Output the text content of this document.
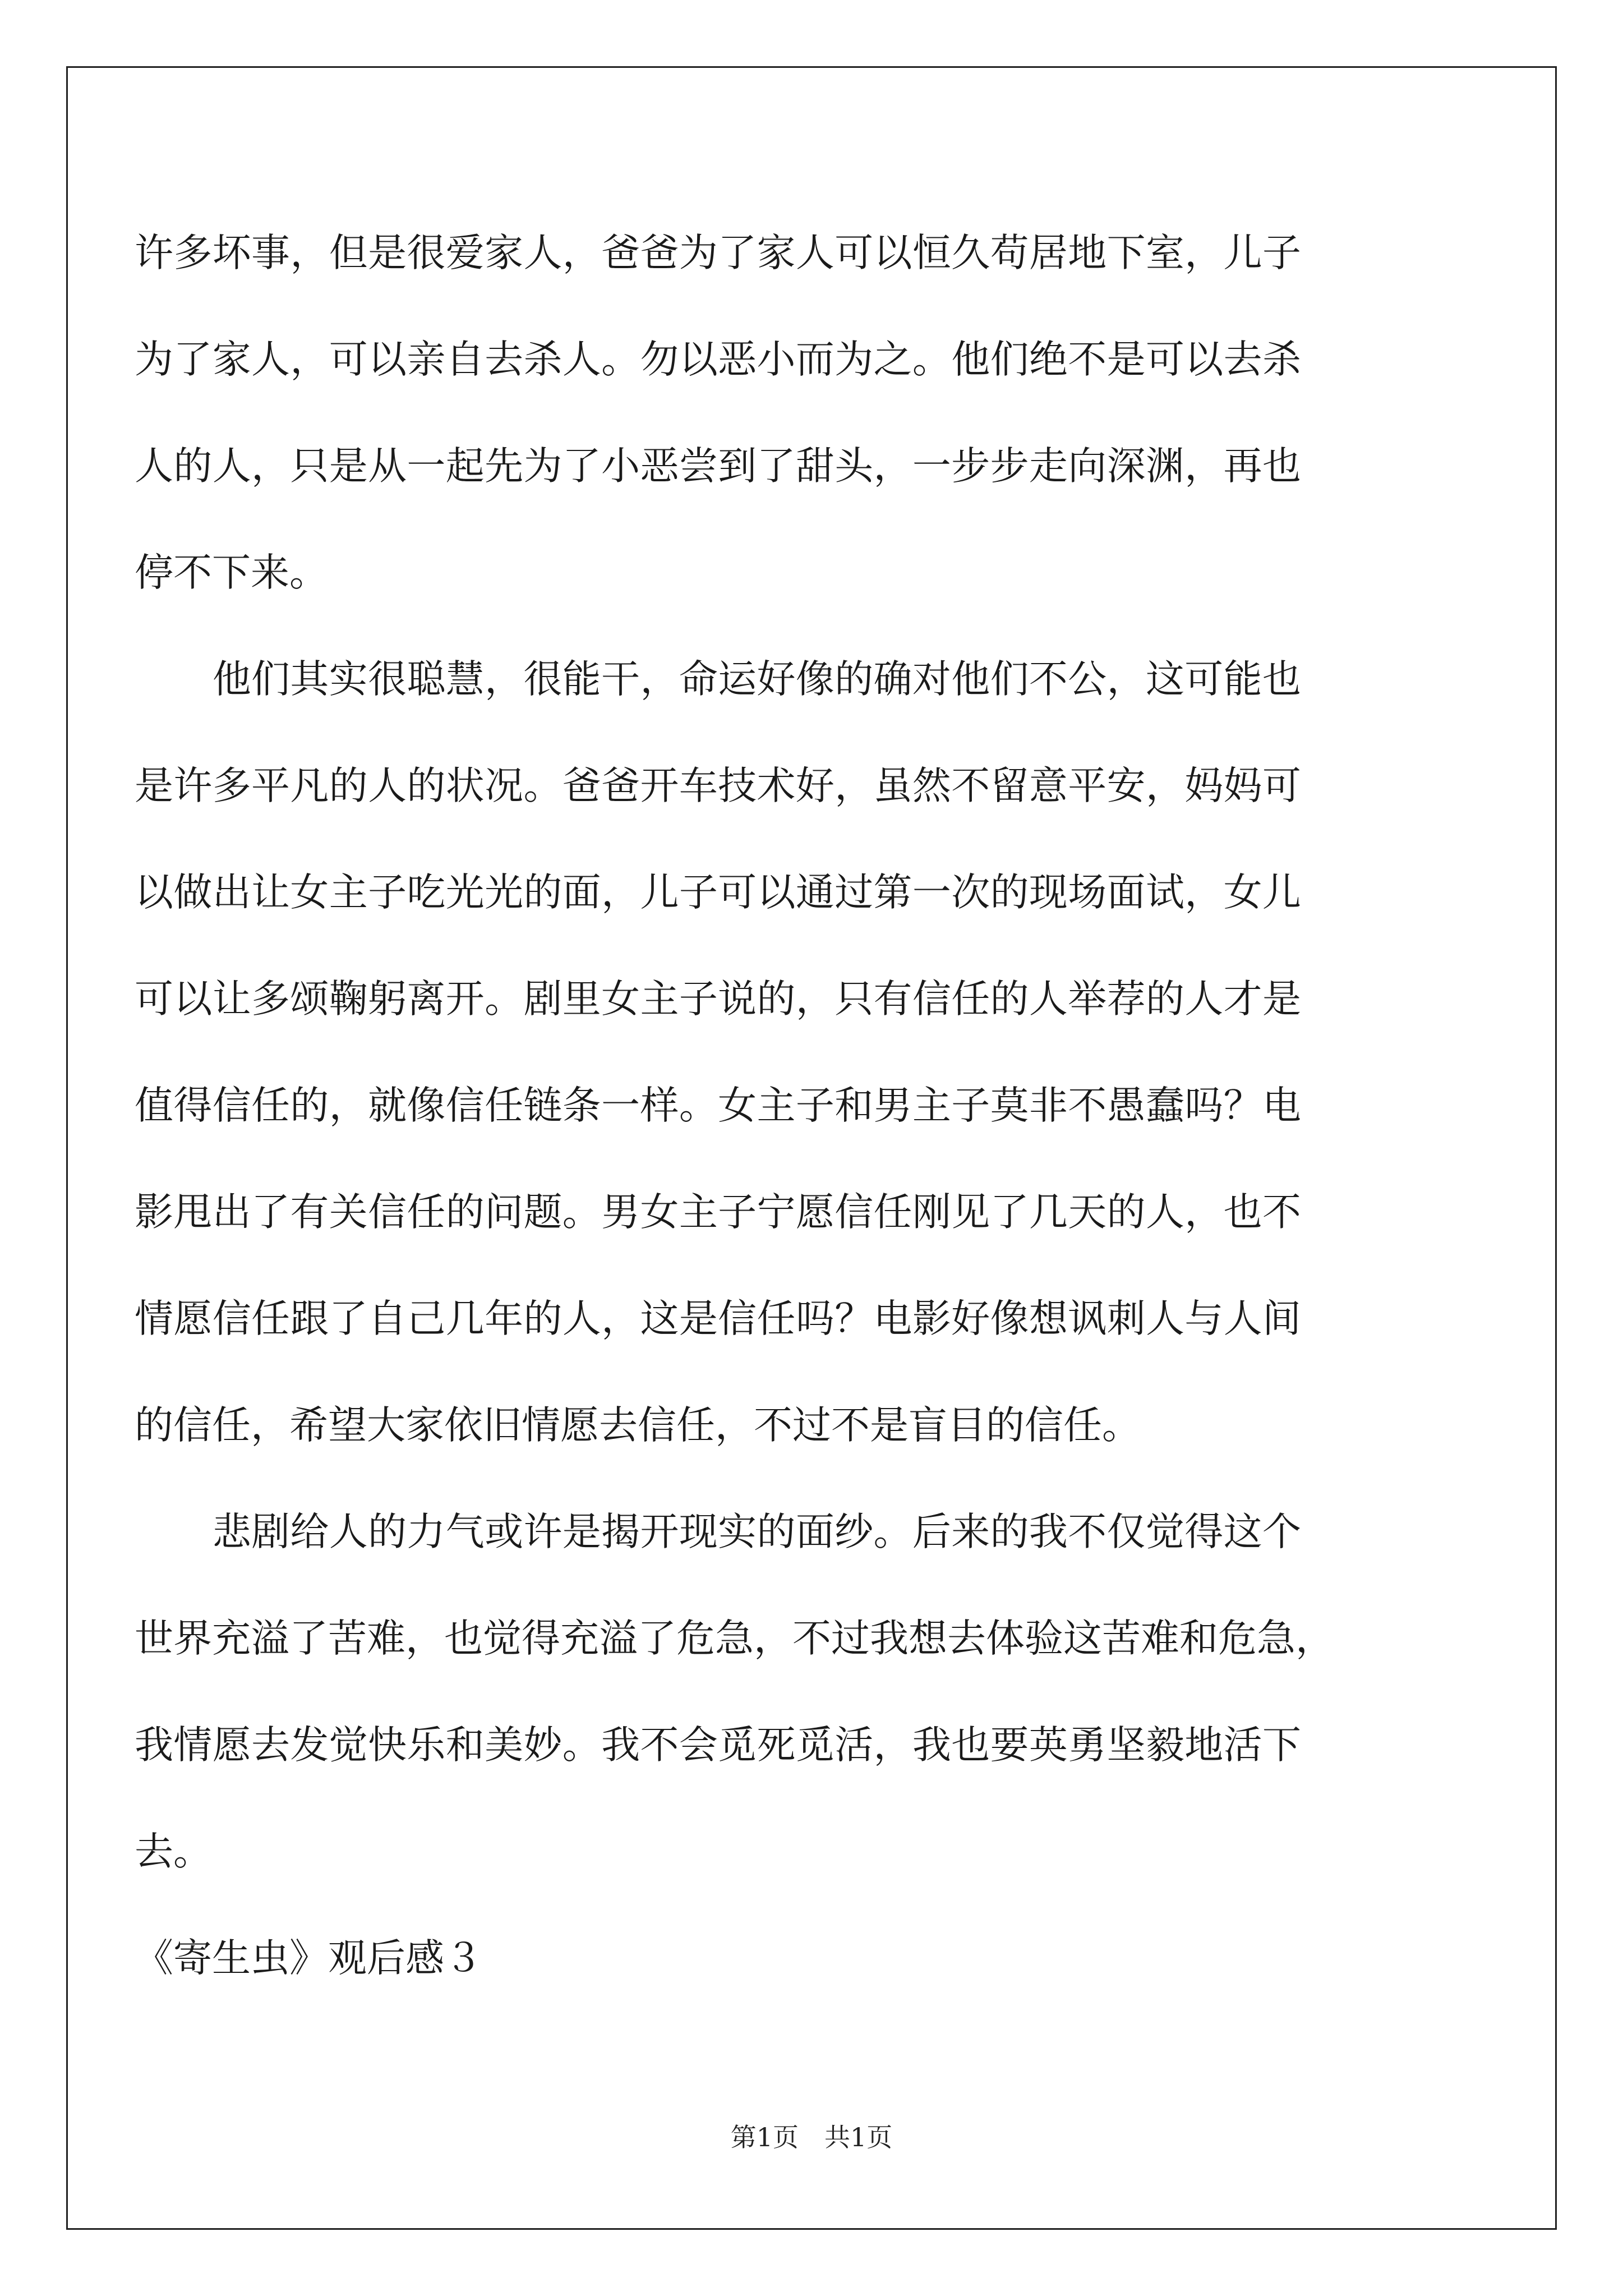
许多坏事，但是很爱家人，爸爸为了家人可以恒久苟居地下室，儿子
为了家人，可以亲自去杀人。勿以恶小而为之。他们绝不是可以去杀
人的人，只是从一起先为了小恶尝到了甜头，一步步走向深渊，再也
停不下来。
　　他们其实很聪慧，很能干，命运好像的确对他们不公，这可能也
是许多平凡的人的状况。爸爸开车技术好，虽然不留意平安，妈妈可
以做出让女主子吃光光的面，儿子可以通过第一次的现场面试，女儿
可以让多颂鞠躬离开。剧里女主子说的，只有信任的人举荐的人才是
值得信任的，就像信任链条一样。女主子和男主子莫非不愚蠢吗？电
影甩出了有关信任的问题。男女主子宁愿信任刚见了几天的人，也不
情愿信任跟了自己几年的人，这是信任吗？电影好像想讽刺人与人间
的信任，希望大家依旧情愿去信任，不过不是盲目的信任。
　　悲剧给人的力气或许是揭开现实的面纱。后来的我不仅觉得这个
世界充溢了苦难，也觉得充溢了危急，不过我想去体验这苦难和危急，
我情愿去发觉快乐和美妙。我不会觅死觅活，我也要英勇坚毅地活下
去。
《寄生虫》观后感３
第1页　共1页
